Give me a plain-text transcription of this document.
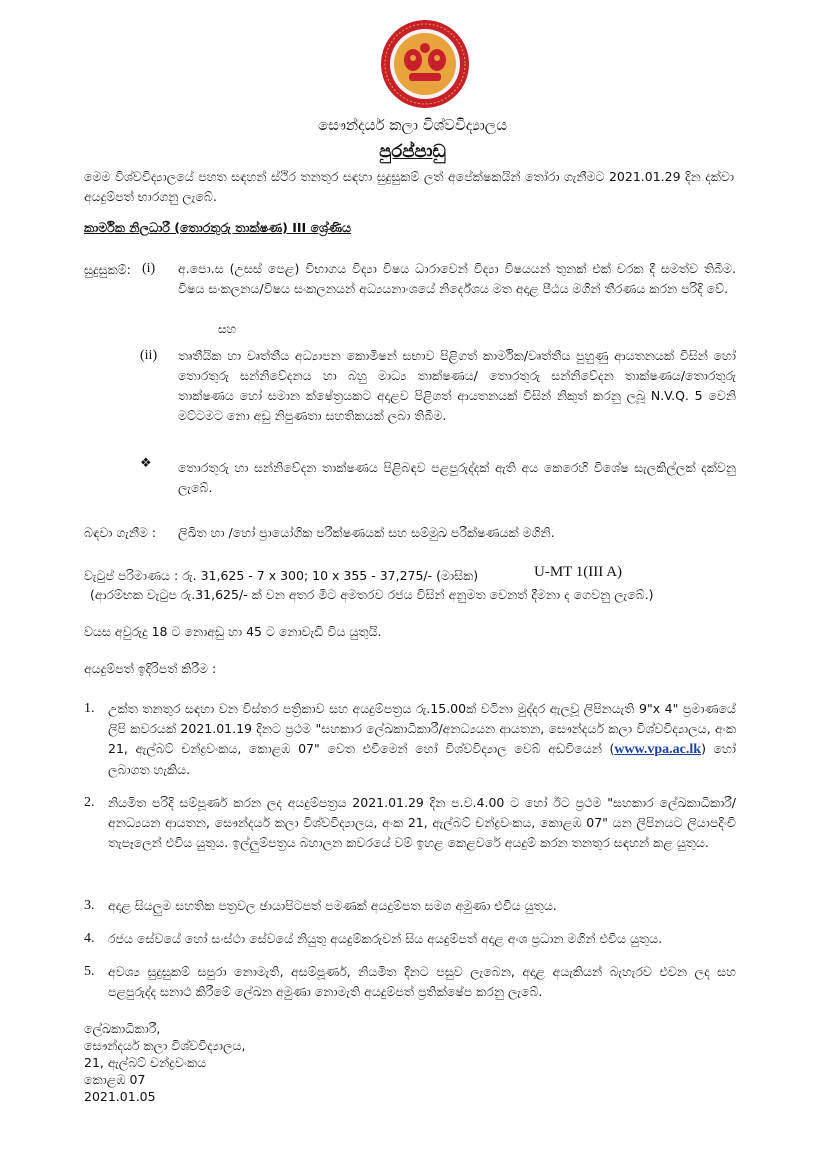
සෞන්දර්ය කලා විශ්වවිද්‍යාලය
පුරප්පාඩු
මෙම විශ්වවිද්‍යාලයේ පහත සඳහන් ස්ථිර තනතුර සඳහා සුදුසුකම් ලත් අපේක්ෂකයින් තෝරා ගැනීමට 2021.01.29 දින දක්වා අයදුම්පත් භාරගනු ලැබේ.
කාර්මික නිලධාරී (තොරතුරු තාක්ෂණ) III ශ්‍රේණිය
සුදුසුකම්: (i) අ.පො.ස (උසස් පෙළ) විභාගය විද්‍යා විෂය ධාරාවෙන් විද්‍යා විෂයයන් තුනක් එක් වරක දී සමත්ව තිබීම. විෂය සංකලනය/විෂය සංකලනයන් අධ්‍යයනාංශයේ නිර්දේශය මත අදාළ පීඨය මගින් තීරණය කරන පරිදි වේ.
සහ
(ii) තෘතීයික හා වෘත්තීය අධ්‍යාපන කොමිෂන් සභාව පිළිගත් කාර්මික/වෘත්තීය පුහුණු ආයතනයක් විසින් හෝ තොරතුරු සන්නිවේදනය හා බහු මාධ්‍ය තාක්ෂණය/ තොරතුරු සන්නිවේදන තාක්ෂණය/තොරතුරු තාක්ෂණය හෝ සමාන ක්ෂේත්‍රයකට අදාළව පිළිගත් ආයතනයක් විසින් නිකුත් කරනු ලබූ N.V.Q. 5 වෙනි මට්ටමට නො අඩු නිපුණතා සහතිකයක් ලබා තිබීම.
❖ තොරතුරු හා සන්නිවේදන තාක්ෂණය පිළිබඳව පළපුරුද්දක් ඇති අය කෙරෙහි විශේෂ සැලකිල්ලක් දක්වනු ලැබේ.
බඳවා ගැනීම : ලිඛිත හා /හෝ ප්‍රායෝගික පරීක්ෂණයක් සහ සම්මුඛ පරීක්ෂණයක් මගිනි.
වැටුප් පරිමාණය : රු. 31,625 - 7 x 300; 10 x 355 - 37,275/- (මාසික)	U-MT 1(III A)
(ආරම්භක වැටුප රු.31,625/- ක් වන අතර මීට අමතරව රජය විසින් අනුමත වෙනත් දීමනා ද ගෙවනු ලැබේ.)
වයස අවුරුදු 18 ට නොඅඩු හා 45 ට නොවැඩි විය යුතුයි.
අයදුම්පත් ඉදිරිපත් කිරීම :
1. උක්ත තනතුර සඳහා වන විස්තර පත්‍රිකාව සහ අයදුම්පත්‍රය රු.15.00ක් වටිනා මුද්දර ඇලවූ ලිපිනයැති 9"x 4" ප්‍රමාණයේ ලිපි කවරයක් 2021.01.19 දිනට ප්‍රථම "සහකාර ලේඛකාධිකාරී/අනධ්‍යයන ආයතන, සෞන්දර්ය කලා විශ්වවිද්‍යාලය, අංක 21, ඇල්බට් චන්ද්‍රවංකය, කොළඹ 07" වෙත එවීමෙන් හෝ විශ්වවිද්‍යාල වෙබ් අඩවියෙන් (www.vpa.ac.lk) හෝ ලබාගත හැකිය.
2. නියමිත පරිදි සම්පූර්ණ කරන ලද අයදුම්පත්‍රය 2021.01.29 දින ප.ව.4.00 ට හෝ ඊට ප්‍රථම "සහකාර ලේඛකාධිකාරී/ අනධ්‍යයන ආයතන, සෞන්දර්ය කලා විශ්වවිද්‍යාලය, අංක 21, ඇල්බට් චන්ද්‍රවංකය, කොළඹ 07" යන ලිපිනයට ලියාපදිංචි තැපෑලෙන් එවිය යුතුය. ඉල්ලුම්පත්‍රය බහාලන කවරයේ වම් ඉහළ කෙළවරේ අයදුම් කරන තනතුර සඳහන් කළ යුතුය.
3. අදාළ සියලුම සහතික පත්‍රවල ඡායාපිටපත් පමණක් අයදුම්පත සමග අමුණා එවිය යුතුය.
4. රජය සේවයේ හෝ සංස්ථා සේවයේ නියුතු අයදුම්කරුවන් සිය අයදුම්පත් අදාළ අංශ ප්‍රධාන මගින් එවිය යුතුය.
5. අවශ්‍ය සුදුසුකම් සපුරා නොමැති, අසම්පූර්ණ, නියමිත දිනට පසුව ලැබෙන, අදාළ අයැකියන් බැහැරව එවන ලද සහ පළපුරුද්ද සනාථ කිරීමේ ලේඛන අමුණා නොමැති අයදුම්පත් ප්‍රතික්ෂේප කරනු ලැබේ.
ලේඛකාධිකාරී,
සෞන්දර්ය කලා විශ්වවිද්‍යාලය,
21, ඇල්බට් චන්ද්‍රවංකය
කොළඹ 07
2021.01.05
